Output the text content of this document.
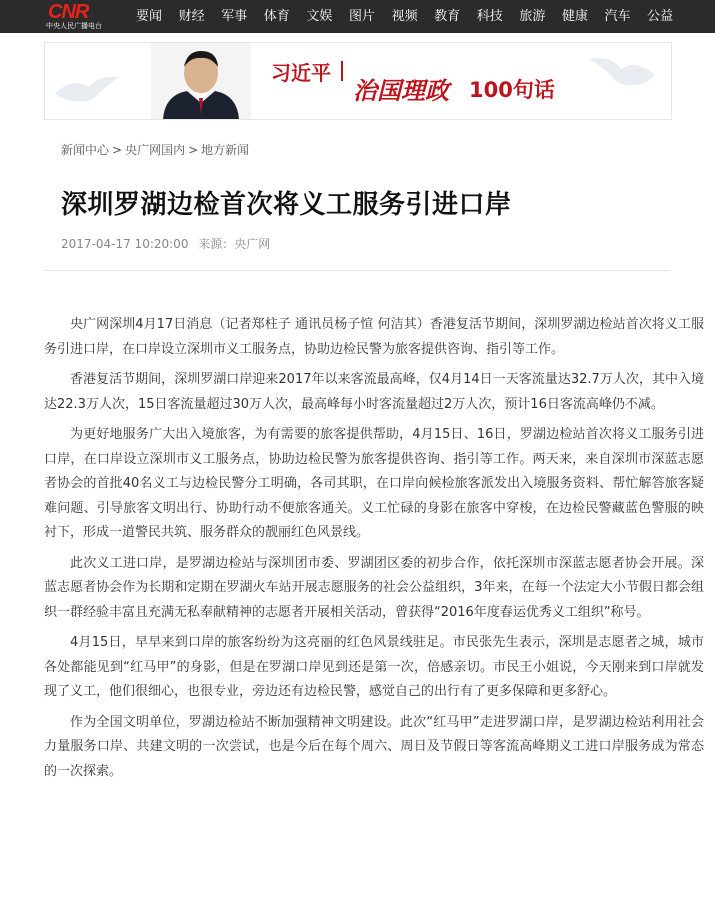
CNR
中央人民广播电台
要闻	财经	军事	体育	文娱	图片	视频	教育	科技	旅游	健康	汽车	公益
习近平
治国理政 100句话
新闻中心 > 央广网国内 > 地方新闻
深圳罗湖边检首次将义工服务引进口岸
2017-04-17 10:20:00 来源：央广网

央广网深圳4月17日消息（记者郑柱子 通讯员杨子愃 何洁其）香港复活节期间，深圳罗湖边检站首次将义工服务引进口岸，在口岸设立深圳市义工服务点，协助边检民警为旅客提供咨询、指引等工作。

香港复活节期间，深圳罗湖口岸迎来2017年以来客流最高峰，仅4月14日一天客流量达32.7万人次，其中入境达22.3万人次，15日客流量超过30万人次，最高峰每小时客流量超过2万人次，预计16日客流高峰仍不减。

为更好地服务广大出入境旅客，为有需要的旅客提供帮助，4月15日、16日，罗湖边检站首次将义工服务引进口岸，在口岸设立深圳市义工服务点，协助边检民警为旅客提供咨询、指引等工作。两天来，来自深圳市深蓝志愿者协会的首批40名义工与边检民警分工明确，各司其职，在口岸向候检旅客派发出入境服务资料、帮忙解答旅客疑难问题、引导旅客文明出行、协助行动不便旅客通关。义工忙碌的身影在旅客中穿梭，在边检民警藏蓝色警服的映衬下，形成一道警民共筑、服务群众的靓丽红色风景线。

此次义工进口岸，是罗湖边检站与深圳团市委、罗湖团区委的初步合作，依托深圳市深蓝志愿者协会开展。深蓝志愿者协会作为长期和定期在罗湖火车站开展志愿服务的社会公益组织，3年来，在每一个法定大小节假日都会组织一群经验丰富且充满无私奉献精神的志愿者开展相关活动，曾获得“2016年度春运优秀义工组织”称号。

4月15日，早早来到口岸的旅客纷纷为这亮丽的红色风景线驻足。市民张先生表示，深圳是志愿者之城，城市各处都能见到“红马甲”的身影，但是在罗湖口岸见到还是第一次，倍感亲切。市民王小姐说，今天刚来到口岸就发现了义工，他们很细心，也很专业，旁边还有边检民警，感觉自己的出行有了更多保障和更多舒心。

作为全国文明单位，罗湖边检站不断加强精神文明建设。此次“红马甲”走进罗湖口岸，是罗湖边检站利用社会力量服务口岸、共建文明的一次尝试，也是今后在每个周六、周日及节假日等客流高峰期义工进口岸服务成为常态的一次探索。
